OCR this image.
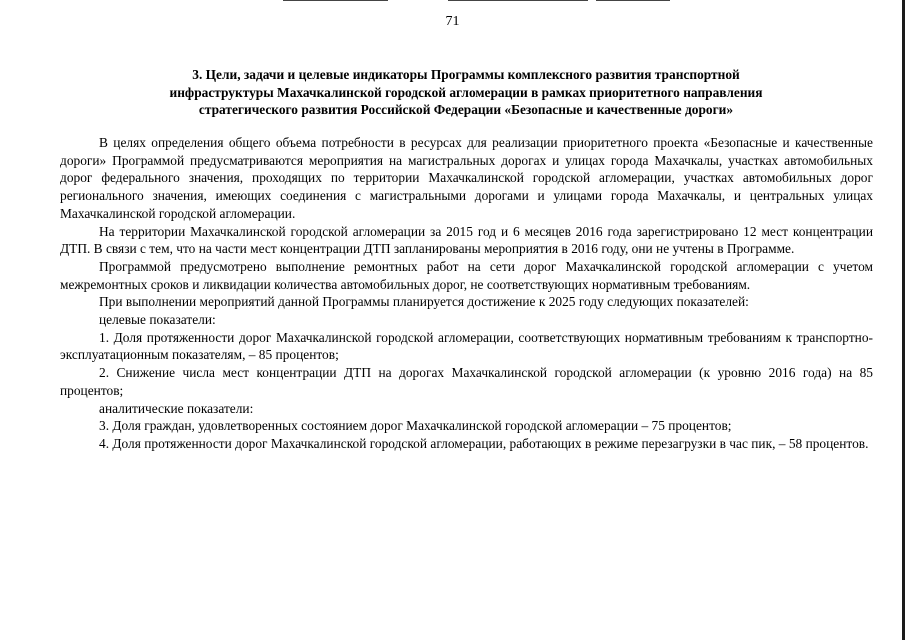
71
3. Цели, задачи и целевые индикаторы Программы комплексного развития транспортной
инфраструктуры Махачкалинской городской агломерации в рамках приоритетного направления
стратегического развития Российской Федерации «Безопасные и качественные дороги»

В целях определения общего объема потребности в ресурсах для реализации приоритетного проекта «Безопасные и качественные дороги» Программой предусматриваются мероприятия на магистральных дорогах и улицах города Махачкалы, участках автомобильных дорог федерального значения, проходящих по территории Махачкалинской городской агломерации, участках автомобильных дорог регионального значения, имеющих соединения с магистральными дорогами и улицами города Махачкалы, и центральных улицах Махачкалинской городской агломерации.

На территории Махачкалинской городской агломерации за 2015 год и 6 месяцев 2016 года зарегистрировано 12 мест концентрации ДТП. В связи с тем, что на части мест концентрации ДТП запланированы мероприятия в 2016 году, они не учтены в Программе.

Программой предусмотрено выполнение ремонтных работ на сети дорог Махачкалинской городской агломерации с учетом межремонтных сроков и ликвидации количества автомобильных дорог, не соответствующих нормативным требованиям.

При выполнении мероприятий данной Программы планируется достижение к 2025 году следующих показателей:

целевые показатели:

1. Доля протяженности дорог Махачкалинской городской агломерации, соответствующих нормативным требованиям к транспортно-эксплуатационным показателям, – 85 процентов;

2. Снижение числа мест концентрации ДТП на дорогах Махачкалинской городской агломерации (к уровню 2016 года) на 85 процентов;

аналитические показатели:

3. Доля граждан, удовлетворенных состоянием дорог Махачкалинской городской агломерации – 75 процентов;

4. Доля протяженности дорог Махачкалинской городской агломерации, работающих в режиме перезагрузки в час пик, – 58 процентов.
